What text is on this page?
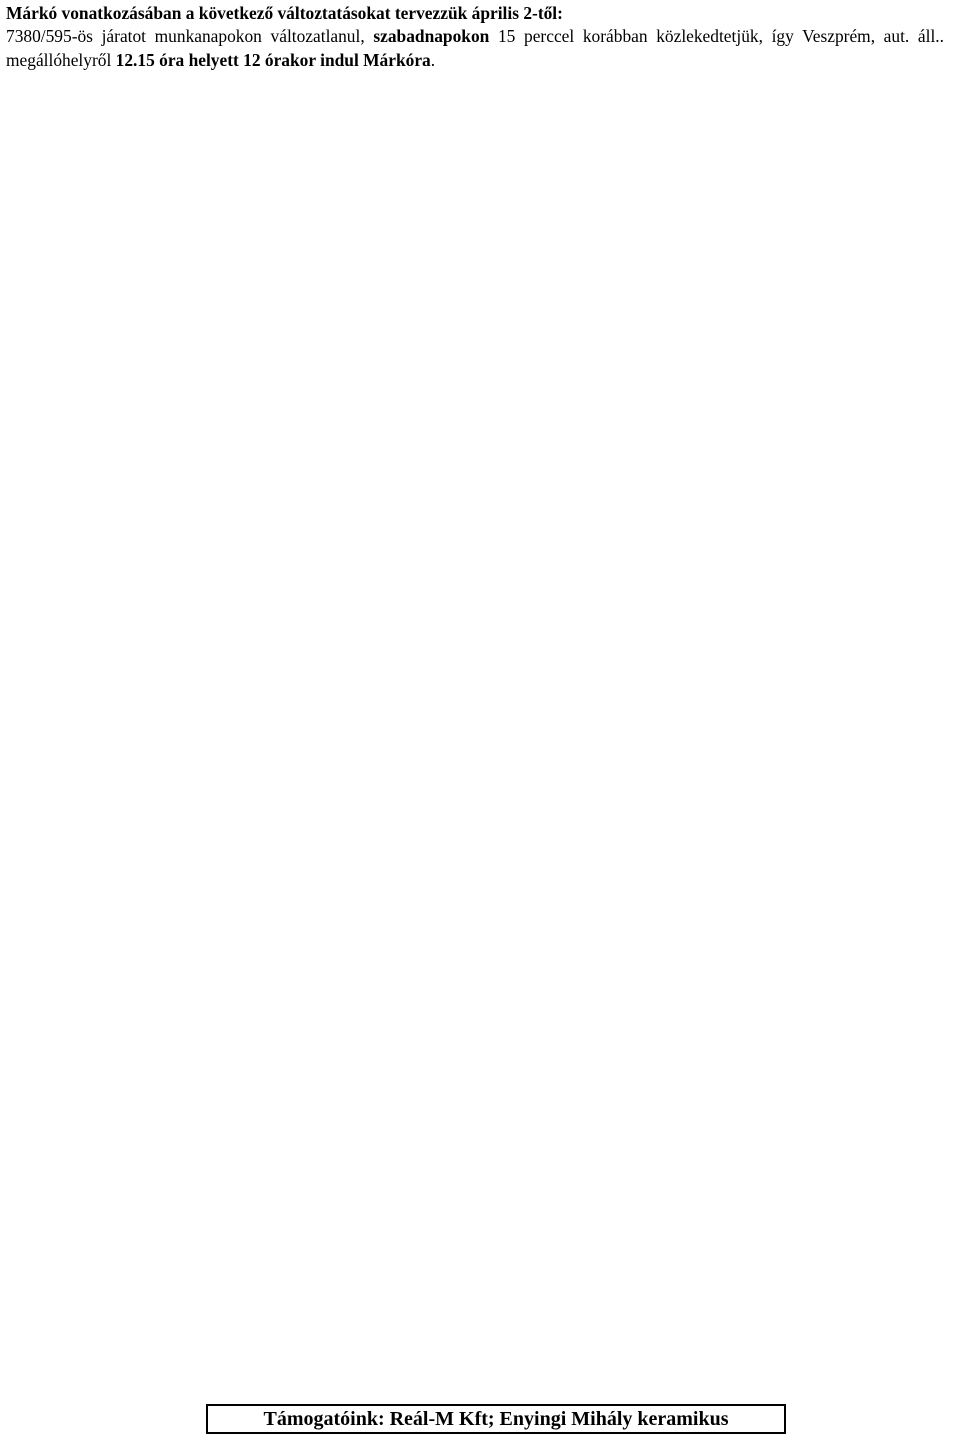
Márkó vonatkozásában a következő változtatásokat tervezzük április 2-től:
7380/595-ös járatot munkanapokon változatlanul, szabadnapokon 15 perccel korábban közlekedtetjük, így Veszprém, aut. áll.. megállóhelyről 12.15 óra helyett 12 órakor indul Márkóra.

Támogatóink: Reál-M Kft; Enyingi Mihály keramikus
